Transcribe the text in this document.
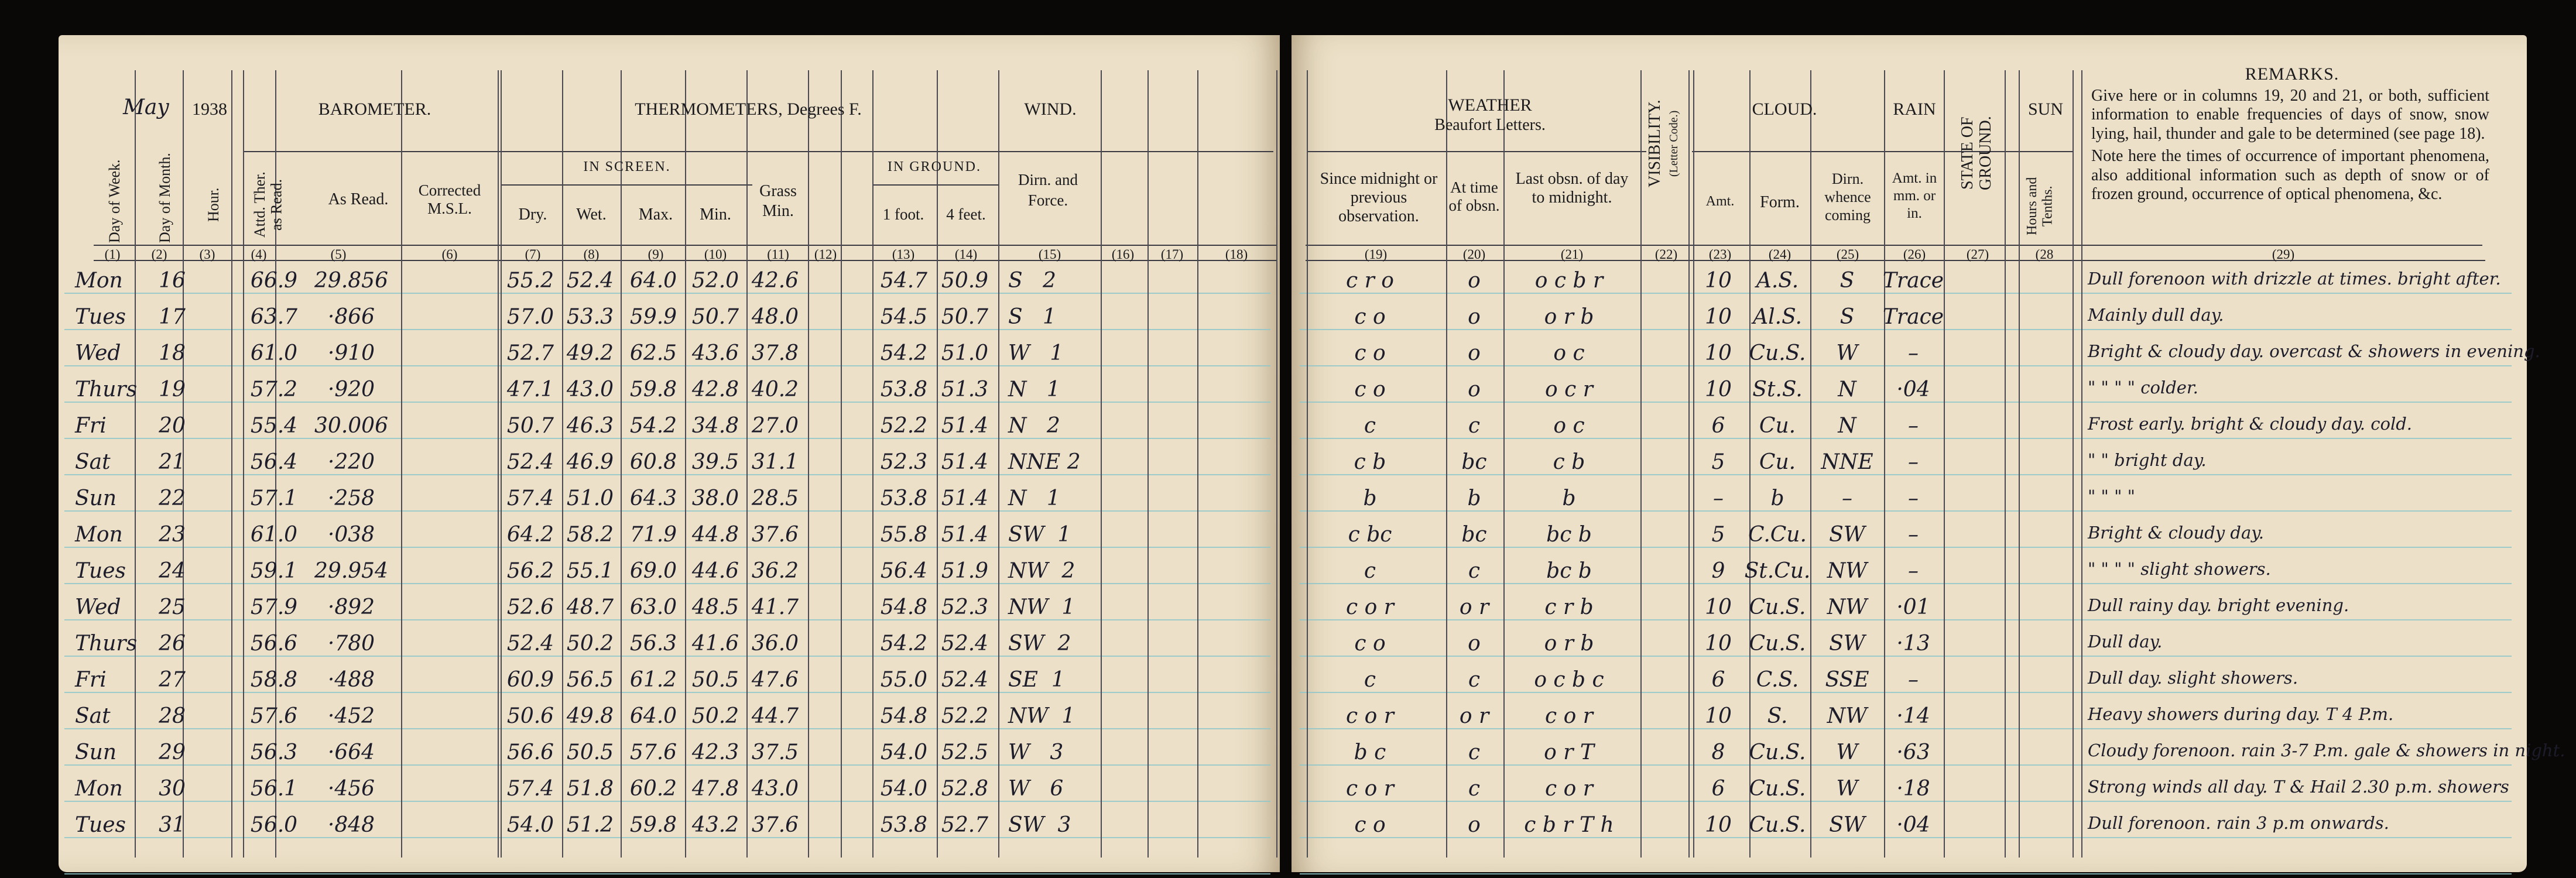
May 1938	BAROMETER.	THERMOMETERS, Degrees F.	WIND.
IN SCREEN.	IN GROUND.
Day of Week. Day of Month. Hour. Attd. Ther. as Read.	As Read.	Corrected M.S.L.	Dry. Wet. Max. Min.
Grass Min.	1 foot. 4 feet.
Dirn. and Force.
WEATHER
Beaufort Letters.	VISIBILITY. (Letter Code.)
CLOUD.	RAIN
STATE OF GROUND.
SUN
REMARKS.
Since midnight or previous observation.
At time of obsn.
Last obsn. of day to midnight.	Amt. Form.
Dirn. whence coming
Amt. in mm. or in.	Hours and Tenths.

Give here or in columns 19, 20 and 21, or both, sufficient information to enable frequencies of days of snow, snow lying, hail, thunder and gale to be determined (see page 18).

Note here the times of occurrence of important phenomena, also additional information such as depth of snow or of frozen ground, occurrence of optical phenomena, &c.

(1) (2) (3)	(4)	(5)	(6)	(7)	(8)	(9)	(10)	(11) (12)	(13)	(14)	(15)	(16) (17)	(18)	(19)	(20)	(21)	(22) (23)	(24)	(25)	(26)	(27)	(28	(29)
Mon 16	66.9 29.856	55.2 52.4 64.0 52.0 42.6	54.7 50.9 S   2	c r o	o	o c b r	10 A.S. S Trace	Dull forenoon with drizzle at times. bright after.
Tues 17	63.7 ·866	57.0 53.3 59.9 50.7 48.0	54.5 50.7 S   1	c o	o	o r b	10 Al.S. S Trace	Mainly dull day.
Wed 18	61.0 ·910	52.7 49.2 62.5 43.6 37.8	54.2 51.0 W   1	c o	o	o c	10 Cu.S. W –	Bright & cloudy day. overcast & showers in evening.
Thurs 19	57.2 ·920	47.1 43.0 59.8 42.8 40.2	53.8 51.3 N   1	c o	o	o c r	10 St.S. N ·04	" " " " colder.
Fri 20	55.4 30.006	50.7 46.3 54.2 34.8 27.0	52.2 51.4 N   2	c	c	o c	6 Cu. N –	Frost early. bright & cloudy day. cold.
Sat 21	56.4 ·220	52.4 46.9 60.8 39.5 31.1	52.3 51.4 NNE 2	c b	bc	c b	5 Cu. NNE –	" " bright day.
Sun 22	57.1 ·258	57.4 51.0 64.3 38.0 28.5	53.8 51.4 N   1	b	b	b	– b	–	–	" " " "
Mon 23	61.0 ·038	64.2 58.2 71.9 44.8 37.6	55.8 51.4 SW  1	c bc	bc	bc b	5 C.Cu. SW –	Bright & cloudy day.
Tues 24	59.1 29.954	56.2 55.1 69.0 44.6 36.2	56.4 51.9 NW  2	c	c	bc b	9 St.Cu. NW –	" " " " slight showers.
Wed 25	57.9 ·892	52.6 48.7 63.0 48.5 41.7	54.8 52.3 NW  1	c o r	o r	c r b	10 Cu.S. NW ·01	Dull rainy day. bright evening.
Thurs 26	56.6 ·780	52.4 50.2 56.3 41.6 36.0	54.2 52.4 SW  2	c o	o	o r b	10 Cu.S. SW ·13	Dull day.
Fri 27	58.8 ·488	60.9 56.5 61.2 50.5 47.6	55.0 52.4 SE  1	c	c	o c b c	6 C.S. SSE –	Dull day. slight showers.
Sat 28	57.6 ·452	50.6 49.8 64.0 50.2 44.7	54.8 52.2 NW  1	c o r	o r	c o r	10 S. NW ·14	Heavy showers during day. T 4 P.m.
Sun 29	56.3 ·664	56.6 50.5 57.6 42.3 37.5	54.0 52.5 W   3	b c	c	o r T	8 Cu.S. W ·63	Cloudy forenoon. rain 3-7 P.m. gale & showers in night.
Mon 30	56.1 ·456	57.4 51.8 60.2 47.8 43.0	54.0 52.8 W   6	c o r	c	c o r	6 Cu.S. W ·18	Strong winds all day. T & Hail 2.30 p.m. showers
Tues 31	56.0 ·848	54.0 51.2 59.8 43.2 37.6	53.8 52.7 SW  3	c o	o c b r T h	10 Cu.S. SW ·04	Dull forenoon. rain 3 p.m onwards.
